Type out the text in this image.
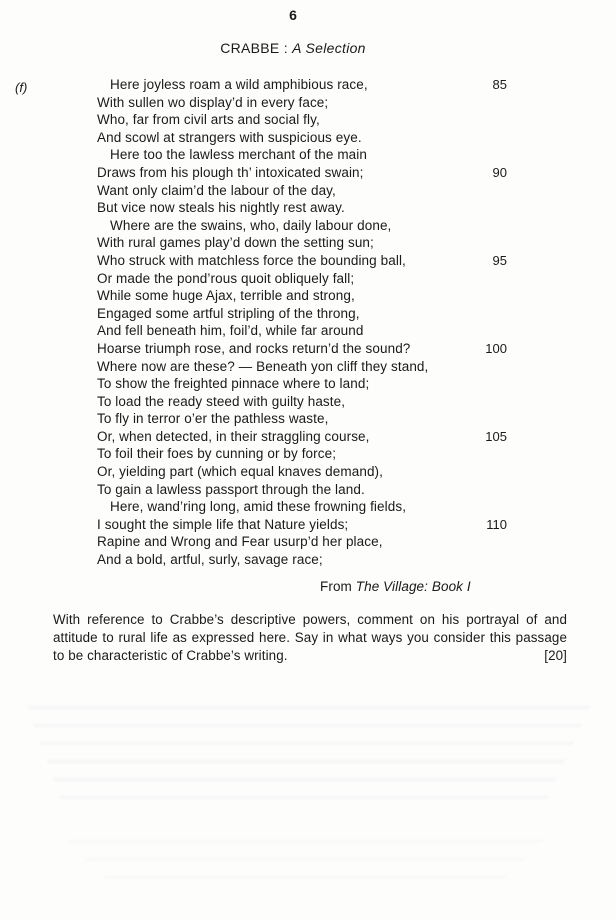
6
CRABBE : A Selection
(f)	Here joyless roam a wild amphibious race,	85
With sullen wo display’d in every face;
Who, far from civil arts and social fly,
And scowl at strangers with suspicious eye.
Here too the lawless merchant of the main
Draws from his plough th’ intoxicated swain;	90
Want only claim’d the labour of the day,
But vice now steals his nightly rest away.
Where are the swains, who, daily labour done,
With rural games play’d down the setting sun;
Who struck with matchless force the bounding ball,	95
Or made the pond’rous quoit obliquely fall;
While some huge Ajax, terrible and strong,
Engaged some artful stripling of the throng,
And fell beneath him, foil’d, while far around
Hoarse triumph rose, and rocks return’d the sound?	100
Where now are these? — Beneath yon cliff they stand,
To show the freighted pinnace where to land;
To load the ready steed with guilty haste,
To fly in terror o’er the pathless waste,
Or, when detected, in their straggling course,	105
To foil their foes by cunning or by force;
Or, yielding part (which equal knaves demand),
To gain a lawless passport through the land.
Here, wand’ring long, amid these frowning fields,
I sought the simple life that Nature yields;	110
Rapine and Wrong and Fear usurp’d her place,
And a bold, artful, surly, savage race;
From The Village: Book I

With reference to Crabbe’s descriptive powers, comment on his portrayal of and attitude to rural life as expressed here. Say in what ways you consider this passage to be characteristic of Crabbe’s writing.	[20]
